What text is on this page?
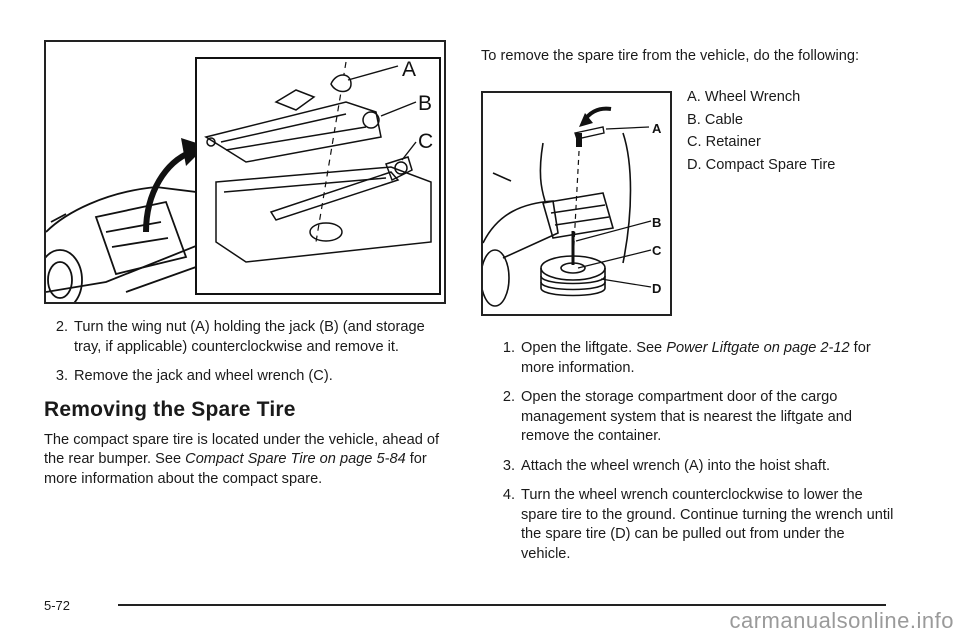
A
B
C
2. Turn the wing nut (A) holding the jack (B) (and storage tray, if applicable) counterclockwise and remove it.
3. Remove the jack and wheel wrench (C).
Removing the Spare Tire

The compact spare tire is located under the vehicle, ahead of the rear bumper. See Compact Spare Tire on page 5-84 for more information about the compact spare.

To remove the spare tire from the vehicle, do the following:

A. Wheel Wrench
B. Cable
C. Retainer
D. Compact Spare Tire
1. Open the liftgate. See Power Liftgate on page 2-12 for more information.
2. Open the storage compartment door of the cargo management system that is nearest the liftgate and remove the container.
3. Attach the wheel wrench (A) into the hoist shaft.
4. Turn the wheel wrench counterclockwise to lower the spare tire to the ground. Continue turning the wrench until the spare tire (D) can be pulled out from under the vehicle.
A
B
C
D
5-72
carmanualsonline.info
